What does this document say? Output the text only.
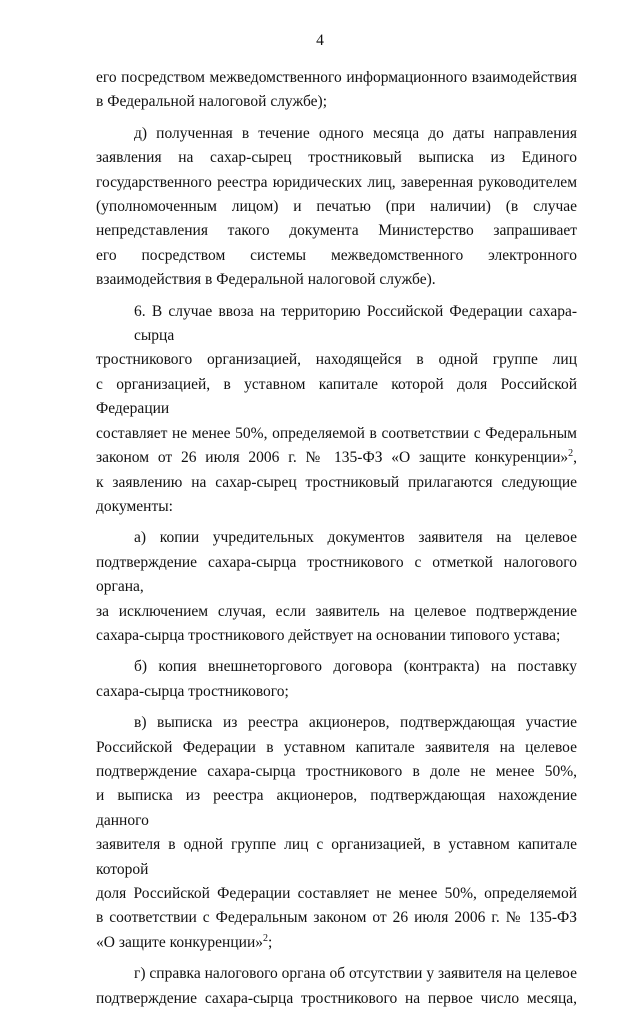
4
его посредством межведомственного информационного взаимодействия
в Федеральной налоговой службе);
д) полученная в течение одного месяца до даты направления
заявления на сахар-сырец тростниковый выписка из Единого
государственного реестра юридических лиц, заверенная руководителем
(уполномоченным лицом) и печатью (при наличии) (в случае
непредставления такого документа Министерство запрашивает
его посредством системы межведомственного электронного
взаимодействия в Федеральной налоговой службе).
6. В случае ввоза на территорию Российской Федерации сахара-сырца
тростникового организацией, находящейся в одной группе лиц
с организацией, в уставном капитале которой доля Российской Федерации
составляет не менее 50%, определяемой в соответствии с Федеральным
законом от 26 июля 2006 г. № 135-ФЗ «О защите конкуренции»$^2$,
к заявлению на сахар-сырец тростниковый прилагаются следующие
документы:
а) копии учредительных документов заявителя на целевое
подтверждение сахара-сырца тростникового с отметкой налогового органа,
за исключением случая, если заявитель на целевое подтверждение
сахара-сырца тростникового действует на основании типового устава;
б) копия внешнеторгового договора (контракта) на поставку
сахара-сырца тростникового;
в) выписка из реестра акционеров, подтверждающая участие
Российской Федерации в уставном капитале заявителя на целевое
подтверждение сахара-сырца тростникового в доле не менее 50%,
и выписка из реестра акционеров, подтверждающая нахождение данного
заявителя в одной группе лиц с организацией, в уставном капитале которой
доля Российской Федерации составляет не менее 50%, определяемой
в соответствии с Федеральным законом от 26 июля 2006 г. № 135-ФЗ
«О защите конкуренции»$^2$;
г) справка налогового органа об отсутствии у заявителя на целевое
подтверждение сахара-сырца тростникового на первое число месяца,
